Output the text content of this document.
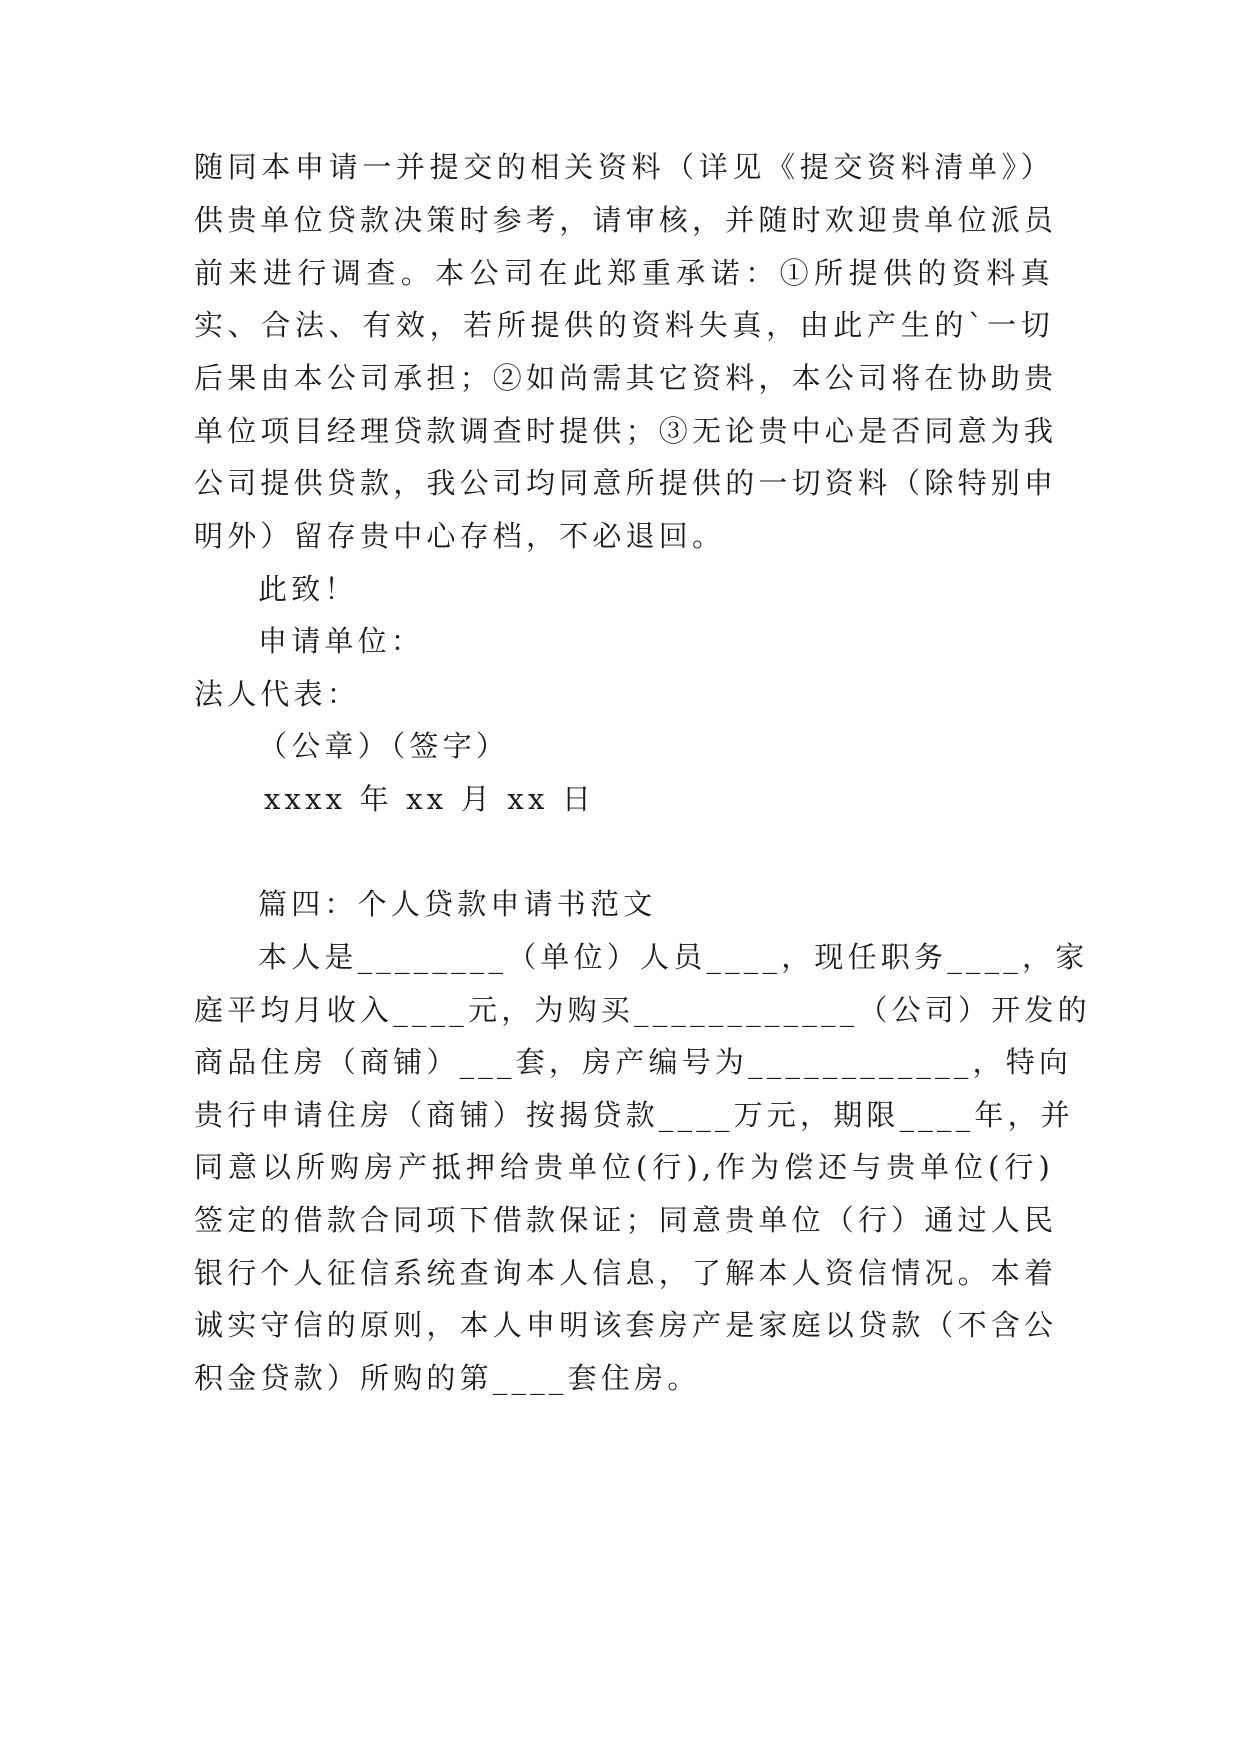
随同本申请一并提交的相关资料（详见《提交资料清单》）
供贵单位贷款决策时参考，请审核，并随时欢迎贵单位派员
前来进行调查。本公司在此郑重承诺：①所提供的资料真
实、合法、有效，若所提供的资料失真，由此产生的`一切
后果由本公司承担；②如尚需其它资料，本公司将在协助贵
单位项目经理贷款调查时提供；③无论贵中心是否同意为我
公司提供贷款，我公司均同意所提供的一切资料（除特别申
明外）留存贵中心存档，不必退回。
此致！
申请单位：
法人代表：
（公章）（签字）
xxxx 年 xx 月 xx 日
篇四：个人贷款申请书范文
本人是________（单位）人员____，现任职务____，家
庭平均月收入____元，为购买____________（公司）开发的
商品住房（商铺）___套，房产编号为____________，特向
贵行申请住房（商铺）按揭贷款____万元，期限____年，并
同意以所购房产抵押给贵单位(行),作为偿还与贵单位(行)
签定的借款合同项下借款保证；同意贵单位（行）通过人民
银行个人征信系统查询本人信息，了解本人资信情况。本着
诚实守信的原则，本人申明该套房产是家庭以贷款（不含公
积金贷款）所购的第____套住房。
